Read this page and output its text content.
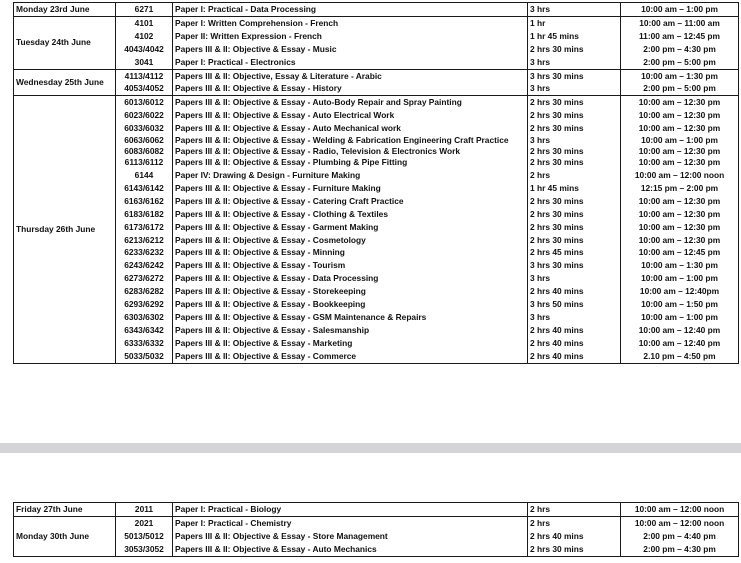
Monday 23rd June	6271	Paper I: Practical - Data Processing	3 hrs	10:00 am – 1:00 pm
Tuesday 24th June	4101	Paper I: Written Comprehension - French	1 hr	10:00 am – 11:00 am
	4102	Paper II: Written Expression - French	1 hr 45 mins	11:00 am – 12:45 pm
	4043/4042	Papers III & II: Objective & Essay - Music	2 hrs 30 mins	2:00 pm – 4:30 pm
	3041	Paper I: Practical - Electronics	3 hrs	2:00 pm – 5:00 pm
Wednesday 25th June	4113/4112	Papers III & II: Objective, Essay & Literature - Arabic	3 hrs 30 mins	10:00 am – 1:30 pm
	4053/4052	Papers III & II: Objective & Essay - History	3 hrs	2:00 pm – 5:00 pm
Thursday 26th June	6013/6012	Papers III & II: Objective & Essay - Auto-Body Repair and Spray Painting	2 hrs 30 mins	10:00 am – 12:30 pm
	6023/6022	Papers III & II: Objective & Essay - Auto Electrical Work	2 hrs 30 mins	10:00 am – 12:30 pm
	6033/6032	Papers III & II: Objective & Essay - Auto Mechanical work	2 hrs 30 mins	10:00 am – 12:30 pm
	6063/6062	Papers III & II: Objective & Essay - Welding & Fabrication Engineering Craft Practice	3 hrs	10:00 am – 1:00 pm
	6083/6082	Papers III & II: Objective & Essay - Radio, Television & Electronics Work	2 hrs 30 mins	10:00 am – 12:30 pm
	6113/6112	Papers III & II: Objective & Essay - Plumbing & Pipe Fitting	2 hrs 30 mins	10:00 am – 12:30 pm
	6144	Paper IV: Drawing & Design - Furniture Making	2 hrs	10:00 am – 12:00 noon
	6143/6142	Papers III & II: Objective & Essay - Furniture Making	1 hr 45 mins	12:15 pm – 2:00 pm
	6163/6162	Papers III & II: Objective & Essay - Catering Craft Practice	2 hrs 30 mins	10:00 am – 12:30 pm
	6183/6182	Papers III & II: Objective & Essay - Clothing & Textiles	2 hrs 30 mins	10:00 am – 12:30 pm
	6173/6172	Papers III & II: Objective & Essay - Garment Making	2 hrs 30 mins	10:00 am – 12:30 pm
	6213/6212	Papers III & II: Objective & Essay - Cosmetology	2 hrs 30 mins	10:00 am – 12:30 pm
	6233/6232	Papers III & II: Objective & Essay - Minning	2 hrs 45 mins	10:00 am – 12:45 pm
	6243/6242	Papers III & II: Objective & Essay - Tourism	3 hrs 30 mins	10:00 am – 1:30 pm
	6273/6272	Papers III & II: Objective & Essay - Data Processing	3 hrs	10:00 am – 1:00 pm
	6283/6282	Papers III & II: Objective & Essay - Storekeeping	2 hrs 40 mins	10:00 am – 12:40pm
	6293/6292	Papers III & II: Objective & Essay - Bookkeeping	3 hrs 50 mins	10:00 am – 1:50 pm
	6303/6302	Papers III & II: Objective & Essay - GSM Maintenance & Repairs	3 hrs	10:00 am – 1:00 pm
	6343/6342	Papers III & II: Objective & Essay - Salesmanship	2 hrs 40 mins	10:00 am – 12:40 pm
	6333/6332	Papers III & II: Objective & Essay - Marketing	2 hrs 40 mins	10:00 am – 12:40 pm
	5033/5032	Papers III & II: Objective & Essay - Commerce	2 hrs 40 mins	2.10 pm – 4:50 pm
Friday 27th June	2011	Paper I: Practical - Biology	2 hrs	10:00 am – 12:00 noon
Monday 30th June	2021	Paper I: Practical - Chemistry	2 hrs	10:00 am – 12:00 noon
	5013/5012	Papers III & II: Objective & Essay - Store Management	2 hrs 40 mins	2:00 pm – 4:40 pm
	3053/3052	Papers III & II: Objective & Essay - Auto Mechanics	2 hrs 30 mins	2:00 pm – 4:30 pm
